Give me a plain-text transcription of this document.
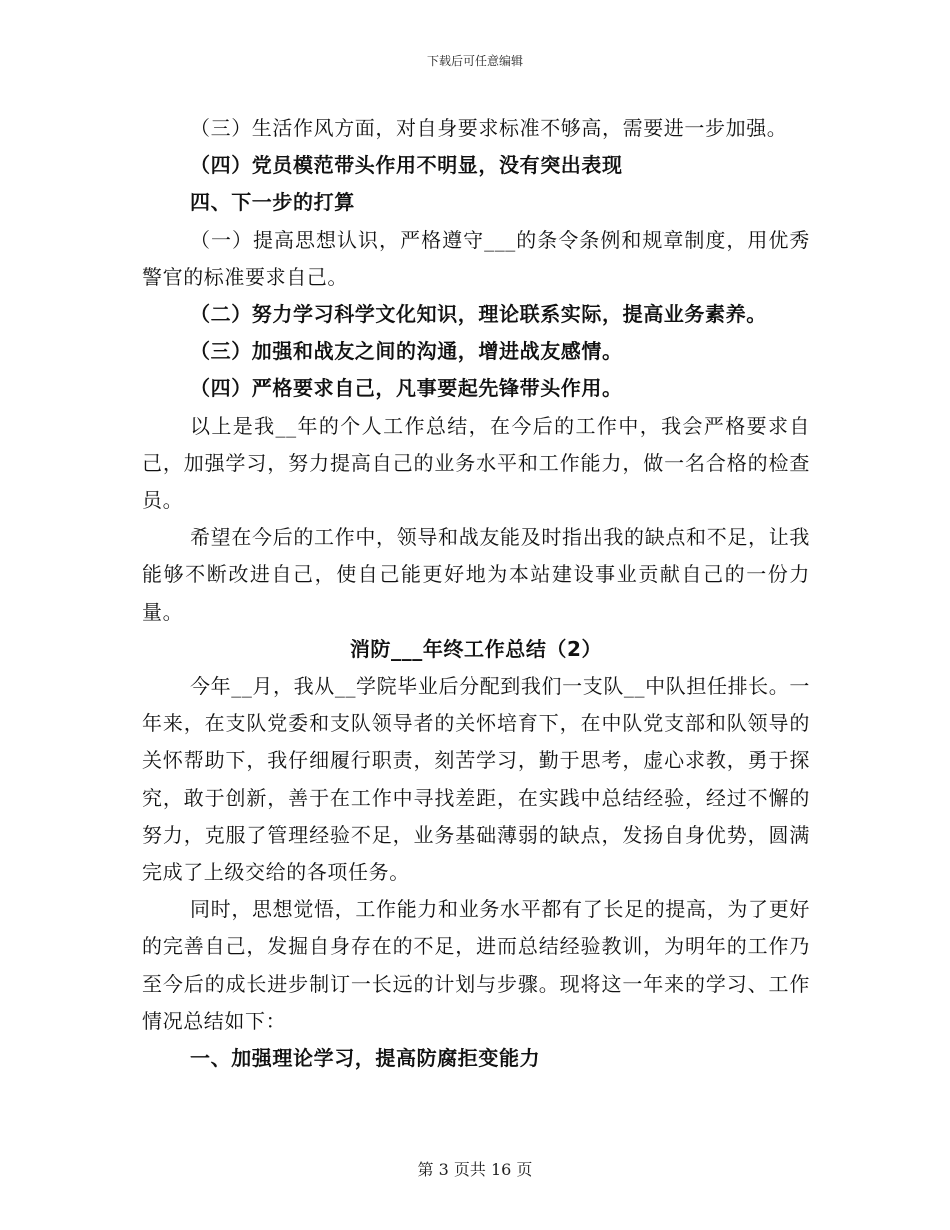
下载后可任意编辑

（三）生活作风方面，对自身要求标准不够高，需要进一步加强。

（四）党员模范带头作用不明显，没有突出表现

四、下一步的打算

（一）提高思想认识，严格遵守___的条令条例和规章制度，用优秀警官的标准要求自己。

（二）努力学习科学文化知识，理论联系实际，提高业务素养。

（三）加强和战友之间的沟通，增进战友感情。

（四）严格要求自己，凡事要起先锋带头作用。

以上是我__年的个人工作总结，在今后的工作中，我会严格要求自己，加强学习，努力提高自己的业务水平和工作能力，做一名合格的检查员。

希望在今后的工作中，领导和战友能及时指出我的缺点和不足，让我能够不断改进自己，使自己能更好地为本站建设事业贡献自己的一份力量。

消防___年终工作总结（2）

今年__月，我从__学院毕业后分配到我们一支队__中队担任排长。一年来，在支队党委和支队领导者的关怀培育下，在中队党支部和队领导的关怀帮助下，我仔细履行职责，刻苦学习，勤于思考，虚心求教，勇于探究，敢于创新，善于在工作中寻找差距，在实践中总结经验，经过不懈的努力，克服了管理经验不足，业务基础薄弱的缺点，发扬自身优势，圆满完成了上级交给的各项任务。

同时，思想觉悟，工作能力和业务水平都有了长足的提高，为了更好的完善自己，发掘自身存在的不足，进而总结经验教训，为明年的工作乃至今后的成长进步制订一长远的计划与步骤。现将这一年来的学习、工作情况总结如下：

一、加强理论学习，提高防腐拒变能力

第 3 页共 16 页
